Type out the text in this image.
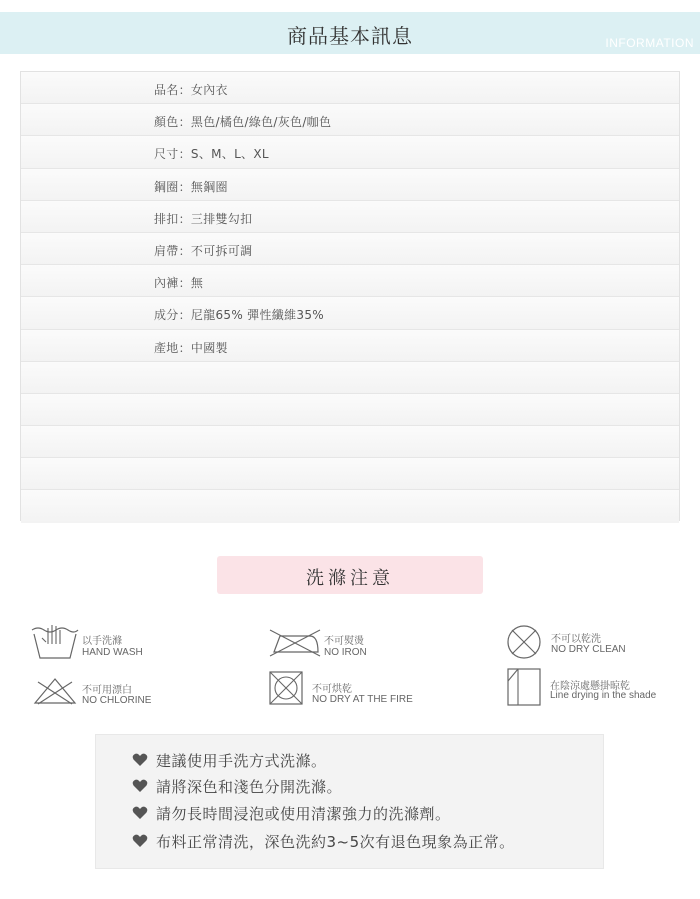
商品基本訊息	INFORMATION
品名：女內衣
顏色：黑色/橘色/綠色/灰色/咖色
尺寸：S、M、L、XL
鋼圈：無鋼圈
排扣：三排雙勾扣
肩帶：不可拆可調
內褲：無
成分：尼龍65% 彈性纖維35%
產地：中國製
洗滌注意
以手洗滌
HAND WASH
不可熨燙
NO IRON
不可以乾洗
NO DRY CLEAN
不可用漂白
NO CHLORINE
不可烘乾
NO DRY AT THE FIRE
在陰涼處懸掛晾乾
Line drying in the shade
建議使用手洗方式洗滌。
請將深色和淺色分開洗滌。
請勿長時間浸泡或使用清潔強力的洗滌劑。
布料正常清洗，深色洗約3~5次有退色現象為正常。
